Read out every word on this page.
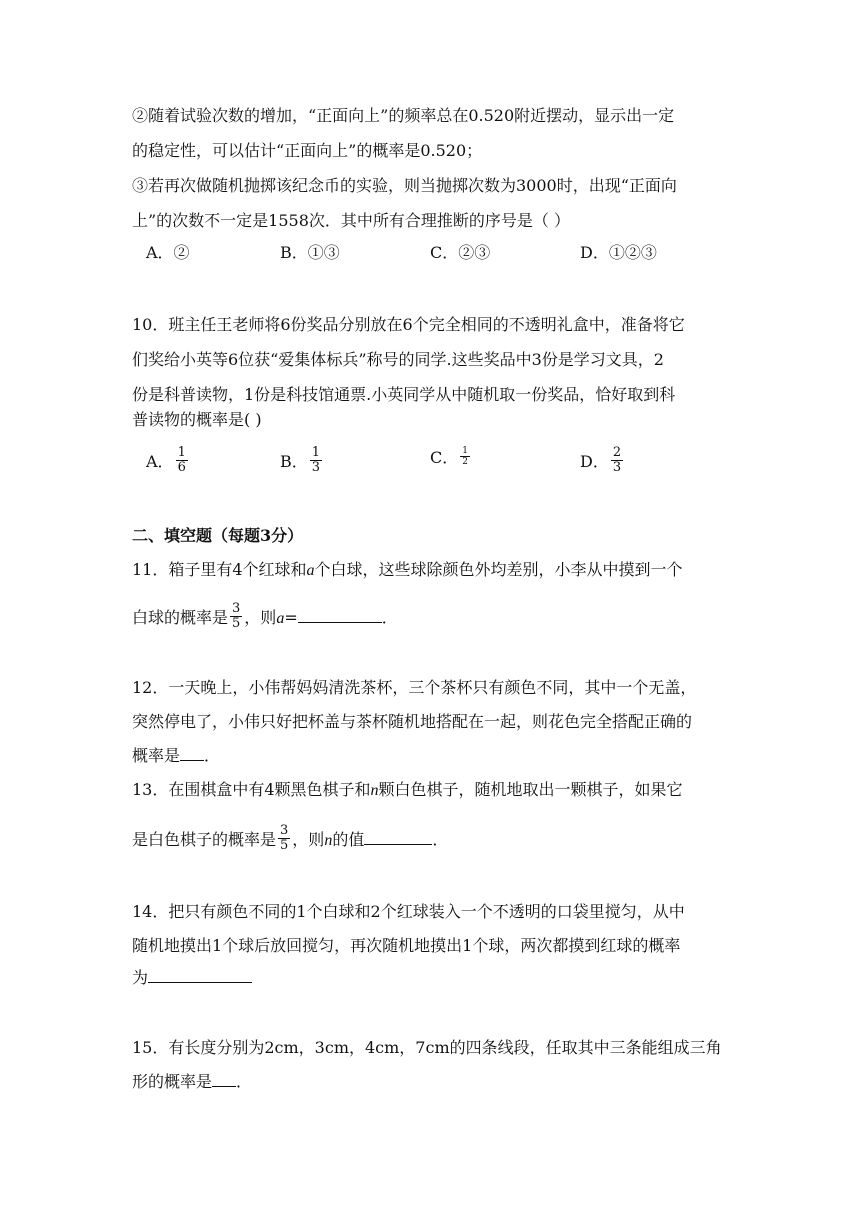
②随着试验次数的增加，“正面向上”的频率总在0.520附近摆动，显示出一定
的稳定性，可以估计“正面向上”的概率是0.520；
③若再次做随机抛掷该纪念币的实验，则当抛掷次数为3000时，出现“正面向
上”的次数不一定是1558次．其中所有合理推断的序号是（ ）
A．②	B．①③	C．②③	D．①②③
10．班主任王老师将6份奖品分别放在6个完全相同的不透明礼盒中，准备将它
们奖给小英等6位获“爱集体标兵”称号的同学.这些奖品中3份是学习文具，2
份是科普读物，1份是科技馆通票.小英同学从中随机取一份奖品，恰好取到科
普读物的概率是( )
A． $\frac{1}{6}$	B． $\frac{1}{3}$	C． $\frac{1}{2}$	D． $\frac{2}{3}$
二、填空题（每题3分）
11．箱子里有4个红球和a个白球，这些球除颜色外均差别，小李从中摸到一个
白球的概率是 $\frac{3}{5}$ ，则a=	．
12．一天晚上，小伟帮妈妈清洗茶杯，三个茶杯只有颜色不同，其中一个无盖，
突然停电了，小伟只好把杯盖与茶杯随机地搭配在一起，则花色完全搭配正确的
概率是 ．
13．在围棋盒中有4颗黑色棋子和n颗白色棋子，随机地取出一颗棋子，如果它
是白色棋子的概率是 $\frac{3}{5}$ ，则n的值	．
14．把只有颜色不同的1个白球和2个红球装入一个不透明的口袋里搅匀，从中
随机地摸出1个球后放回搅匀，再次随机地摸出1个球，两次都摸到红球的概率
为
15．有长度分别为2cm，3cm，4cm，7cm的四条线段，任取其中三条能组成三角
形的概率是 ．
